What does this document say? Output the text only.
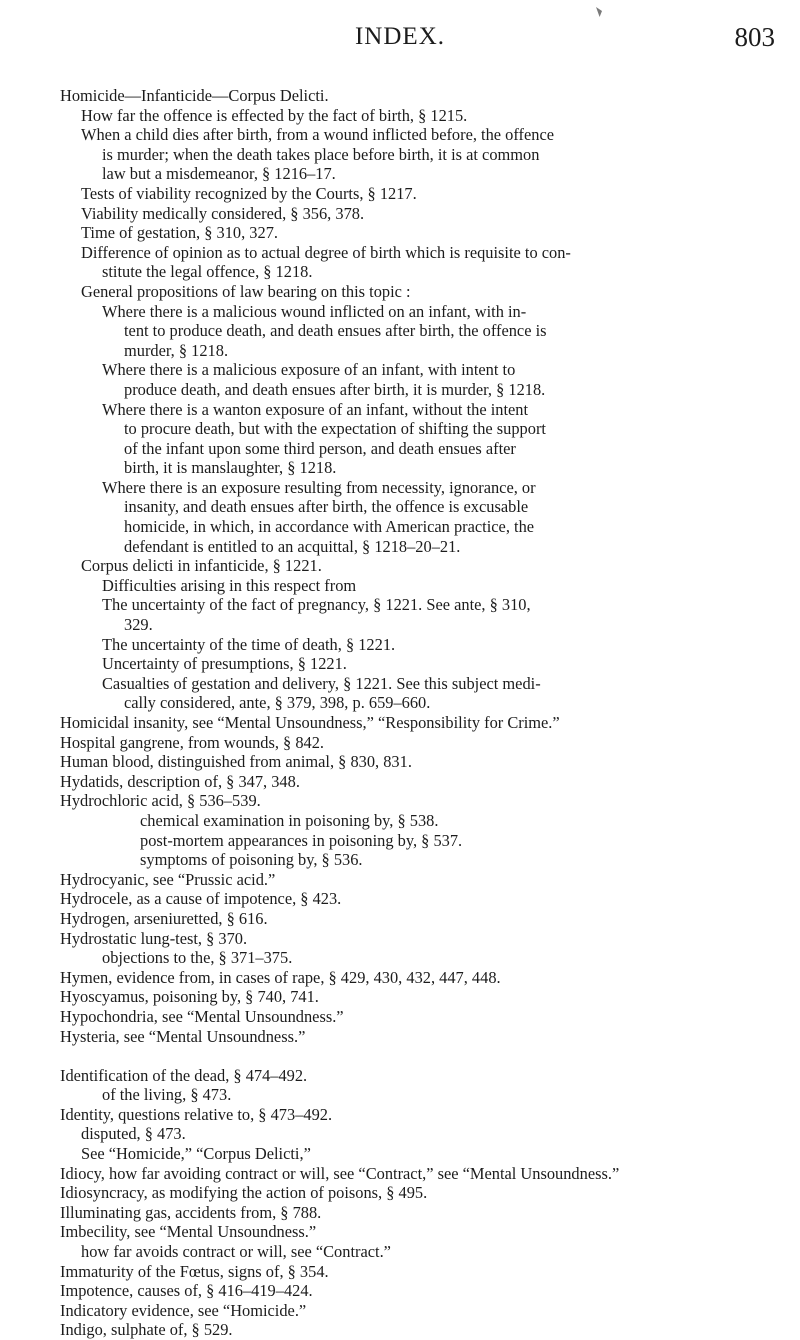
INDEX.	803
Homicide—Infanticide—Corpus Delicti.
How far the offence is effected by the fact of birth, § 1215.
When a child dies after birth, from a wound inflicted before, the offence
is murder; when the death takes place before birth, it is at common
law but a misdemeanor, § 1216–17.
Tests of viability recognized by the Courts, § 1217.
Viability medically considered, § 356, 378.
Time of gestation, § 310, 327.
Difference of opinion as to actual degree of birth which is requisite to con-
stitute the legal offence, § 1218.
General propositions of law bearing on this topic :
Where there is a malicious wound inflicted on an infant, with in-
tent to produce death, and death ensues after birth, the offence is
murder, § 1218.
Where there is a malicious exposure of an infant, with intent to
produce death, and death ensues after birth, it is murder, § 1218.
Where there is a wanton exposure of an infant, without the intent
to procure death, but with the expectation of shifting the support
of the infant upon some third person, and death ensues after
birth, it is manslaughter, § 1218.
Where there is an exposure resulting from necessity, ignorance, or
insanity, and death ensues after birth, the offence is excusable
homicide, in which, in accordance with American practice, the
defendant is entitled to an acquittal, § 1218–20–21.
Corpus delicti in infanticide, § 1221.
Difficulties arising in this respect from
The uncertainty of the fact of pregnancy, § 1221. See ante, § 310,
329.
The uncertainty of the time of death, § 1221.
Uncertainty of presumptions, § 1221.
Casualties of gestation and delivery, § 1221. See this subject medi-
cally considered, ante, § 379, 398, p. 659–660.
Homicidal insanity, see “Mental Unsoundness,” “Responsibility for Crime.”
Hospital gangrene, from wounds, § 842.
Human blood, distinguished from animal, § 830, 831.
Hydatids, description of, § 347, 348.
Hydrochloric acid, § 536–539.
chemical examination in poisoning by, § 538.
post-mortem appearances in poisoning by, § 537.
symptoms of poisoning by, § 536.
Hydrocyanic, see “Prussic acid.”
Hydrocele, as a cause of impotence, § 423.
Hydrogen, arseniuretted, § 616.
Hydrostatic lung-test, § 370.
objections to the, § 371–375.
Hymen, evidence from, in cases of rape, § 429, 430, 432, 447, 448.
Hyoscyamus, poisoning by, § 740, 741.
Hypochondria, see “Mental Unsoundness.”
Hysteria, see “Mental Unsoundness.”
Identification of the dead, § 474–492.
of the living, § 473.
Identity, questions relative to, § 473–492.
disputed, § 473.
See “Homicide,” “Corpus Delicti,”
Idiocy, how far avoiding contract or will, see “Contract,” see “Mental Unsoundness.”
Idiosyncracy, as modifying the action of poisons, § 495.
Illuminating gas, accidents from, § 788.
Imbecility, see “Mental Unsoundness.”
how far avoids contract or will, see “Contract.”
Immaturity of the Fœtus, signs of, § 354.
Impotence, causes of, § 416–419–424.
Indicatory evidence, see “Homicide.”
Indigo, sulphate of, § 529.
